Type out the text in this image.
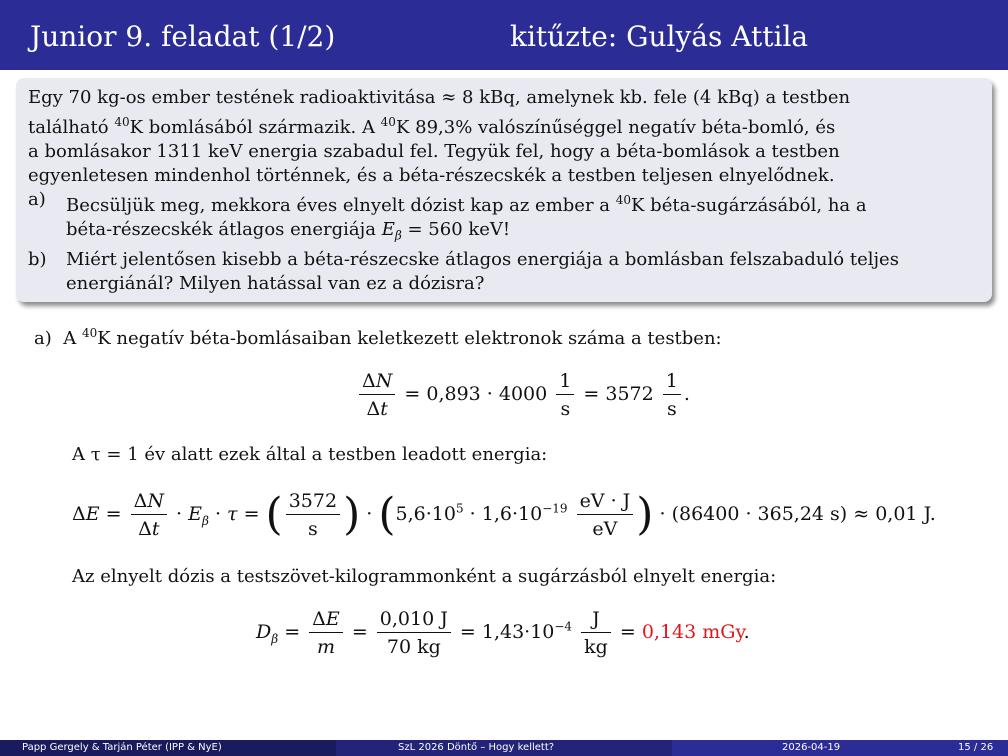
Junior 9. feladat (1/2)	kitűzte: Gulyás Attila
Egy 70 kg-os ember testének radioaktivitása ≈ 8 kBq, amelynek kb. fele (4 kBq) a testben
található $^{40}$K bomlásából származik. A $^{40}$K 89,3% valószínűséggel negatív béta-bomló, és
a bomlásakor 1311 keV energia szabadul fel. Tegyük fel, hogy a béta-bomlások a testben
egyenletesen mindenhol történnek, és a béta-részecskék a testben teljesen elnyelődnek.
a) Becsüljük meg, mekkora éves elnyelt dózist kap az ember a $^{40}$K béta-sugárzásából, ha a
béta-részecskék átlagos energiája $E_\beta = 560$ keV!
b) Miért jelentősen kisebb a béta-részecske átlagos energiája a bomlásban felszabaduló teljes
energiánál? Milyen hatással van ez a dózisra?
a) A $^{40}$K negatív béta-bomlásaiban keletkezett elektronok száma a testben:
$\frac{\Delta N}{\Delta t} = 0,893 \cdot 4000 \frac{1}{s} = 3572 \frac{1}{s}$ .
A τ = 1 év alatt ezek által a testben leadott energia:
$\Delta E = \frac{\Delta N}{\Delta t} \cdot E_\beta \cdot \tau$ = ( $\frac{3572}{s}$ ) · ($5,6\cdot 10^5 \cdot 1,6\cdot 10^{-19} \frac{eV \cdot J}{eV}$ ) · (86400 · 365,24 s) ≈ 0,01 J.
Az elnyelt dózis a testszövet-kilogrammonként a sugárzásból elnyelt energia:
$D_\beta = \frac{\Delta E}{m} = \frac{0,010 J}{70 kg} = 1,43\cdot 10^{-4} \frac{J}{kg} = 0,143$ mGy.
Papp Gergely & Tarján Péter (IPP & NyE)	SzL 2026 Döntő – Hogy kellett?	2026-04-19	15 / 26
